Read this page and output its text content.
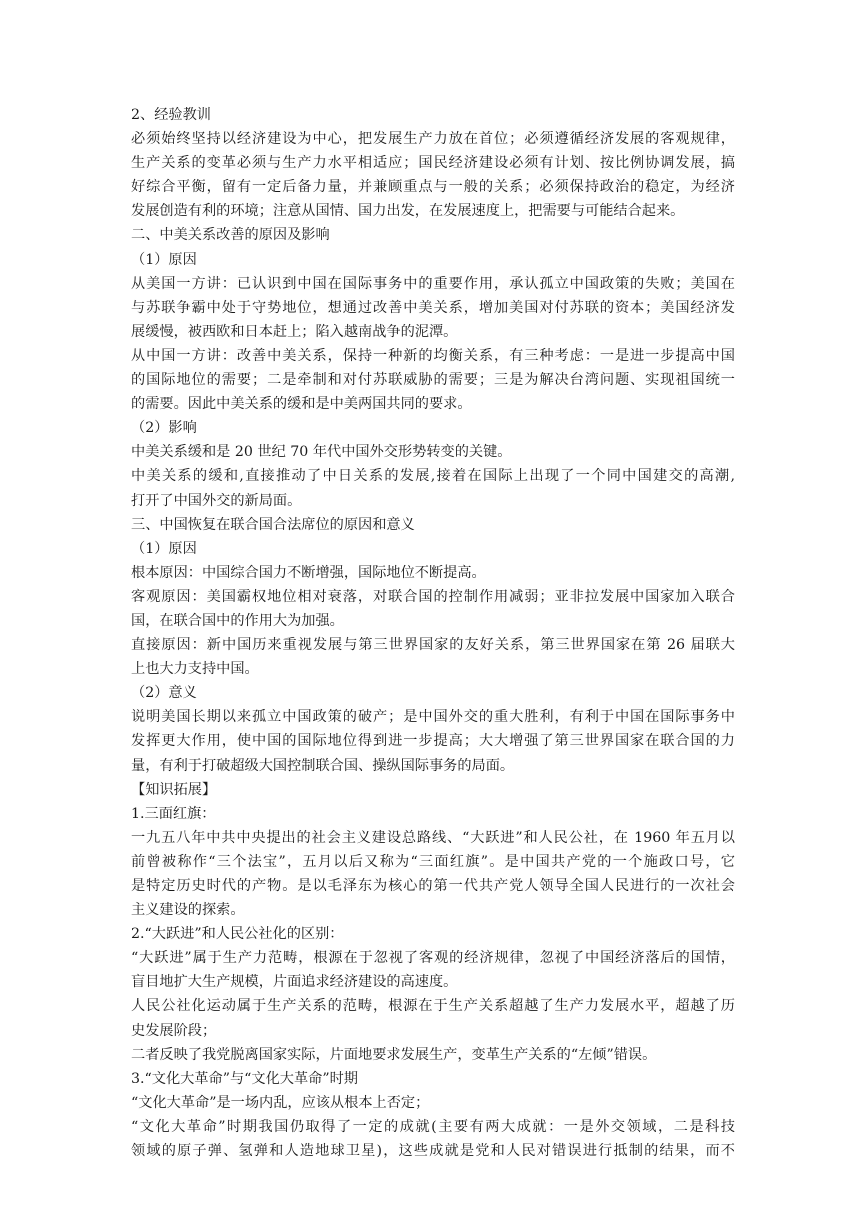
2、经验教训
必须始终坚持以经济建设为中心，把发展生产力放在首位；必须遵循经济发展的客观规律，
生产关系的变革必须与生产力水平相适应；国民经济建设必须有计划、按比例协调发展，搞
好综合平衡，留有一定后备力量，并兼顾重点与一般的关系；必须保持政治的稳定，为经济
发展创造有利的环境；注意从国情、国力出发，在发展速度上，把需要与可能结合起来。
二、中美关系改善的原因及影响
（1）原因
从美国一方讲：已认识到中国在国际事务中的重要作用，承认孤立中国政策的失败；美国在
与苏联争霸中处于守势地位，想通过改善中美关系，增加美国对付苏联的资本；美国经济发
展缓慢，被西欧和日本赶上；陷入越南战争的泥潭。
从中国一方讲：改善中美关系，保持一种新的均衡关系，有三种考虑：一是进一步提高中国
的国际地位的需要；二是牵制和对付苏联威胁的需要；三是为解决台湾问题、实现祖国统一
的需要。因此中美关系的缓和是中美两国共同的要求。
（2）影响
中美关系缓和是 20 世纪 70 年代中国外交形势转变的关键。
中美关系的缓和,直接推动了中日关系的发展,接着在国际上出现了一个同中国建交的高潮,
打开了中国外交的新局面。
三、中国恢复在联合国合法席位的原因和意义
（1）原因
根本原因：中国综合国力不断增强，国际地位不断提高。
客观原因：美国霸权地位相对衰落，对联合国的控制作用减弱；亚非拉发展中国家加入联合
国，在联合国中的作用大为加强。
直接原因：新中国历来重视发展与第三世界国家的友好关系，第三世界国家在第 26 届联大
上也大力支持中国。
（2）意义
说明美国长期以来孤立中国政策的破产；是中国外交的重大胜利，有利于中国在国际事务中
发挥更大作用，使中国的国际地位得到进一步提高；大大增强了第三世界国家在联合国的力
量，有利于打破超级大国控制联合国、操纵国际事务的局面。
【知识拓展】
1.三面红旗：
一九五八年中共中央提出的社会主义建设总路线、“大跃进”和人民公社，在 1960 年五月以
前曾被称作“三个法宝”，五月以后又称为“三面红旗”。是中国共产党的一个施政口号，它
是特定历史时代的产物。是以毛泽东为核心的第一代共产党人领导全国人民进行的一次社会
主义建设的探索。
2.“大跃进”和人民公社化的区别：
“大跃进”属于生产力范畴，根源在于忽视了客观的经济规律，忽视了中国经济落后的国情，
盲目地扩大生产规模，片面追求经济建设的高速度。
人民公社化运动属于生产关系的范畴，根源在于生产关系超越了生产力发展水平，超越了历
史发展阶段；
二者反映了我党脱离国家实际，片面地要求发展生产，变革生产关系的“左倾”错误。
3.“文化大革命”与“文化大革命”时期
“文化大革命”是一场内乱，应该从根本上否定；
“文化大革命”时期我国仍取得了一定的成就(主要有两大成就：一是外交领域，二是科技
领域的原子弹、氢弹和人造地球卫星)，这些成就是党和人民对错误进行抵制的结果，而不
